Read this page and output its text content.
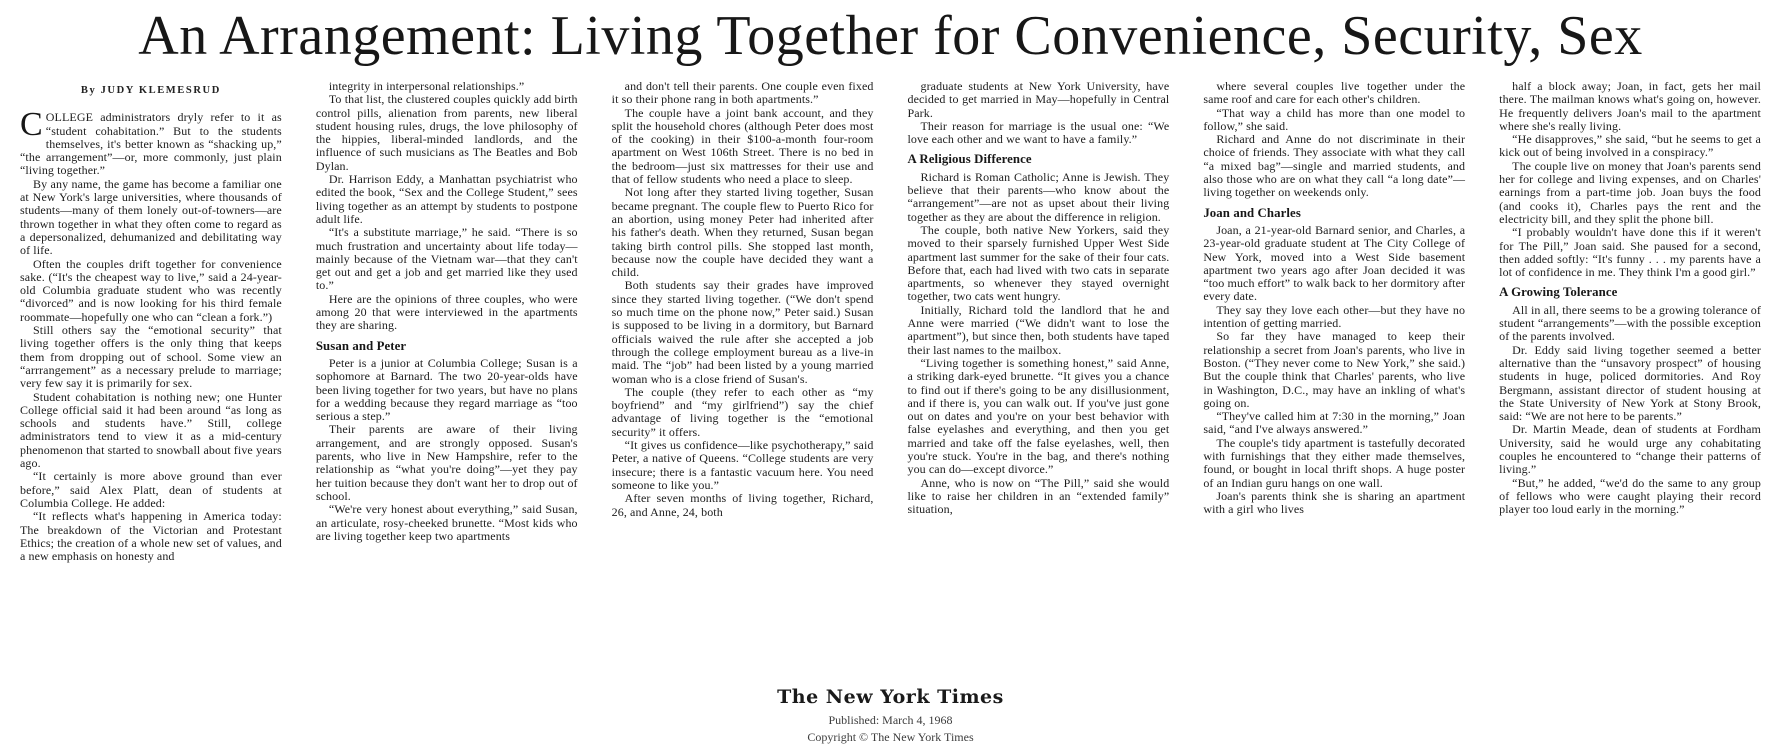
An Arrangement: Living Together for Convenience, Security, Sex
By JUDY KLEMESRUD

COLLEGE administrators dryly refer to it as “student cohabitation.” But to the students themselves, it's better known as “shacking up,” “the arrangement”—or, more commonly, just plain “living together.”

By any name, the game has become a familiar one at New York's large universities, where thousands of students—many of them lonely out-of-towners—are thrown together in what they often come to regard as a depersonalized, dehumanized and debilitating way of life.

Often the couples drift together for convenience sake. (“It's the cheapest way to live,” said a 24-year-old Columbia graduate student who was recently “divorced” and is now looking for his third female roommate—hopefully one who can “clean a fork.”)

Still others say the “emotional security” that living together offers is the only thing that keeps them from dropping out of school. Some view an “arrrangement” as a necessary prelude to marriage; very few say it is primarily for sex.

Student cohabitation is nothing new; one Hunter College official said it had been around “as long as schools and students have.” Still, college administrators tend to view it as a mid-century phenomenon that started to snowball about five years ago.

“It certainly is more above ground than ever before,” said Alex Platt, dean of students at Columbia College. He added:

“It reflects what's happening in America today: The breakdown of the Victorian and Protestant Ethics; the creation of a whole new set of values, and a new emphasis on honesty and

integrity in interpersonal relationships.”

To that list, the clustered couples quickly add birth control pills, alienation from parents, new liberal student housing rules, drugs, the love philosophy of the hippies, liberal-minded landlords, and the influence of such musicians as The Beatles and Bob Dylan.

Dr. Harrison Eddy, a Manhattan psychiatrist who edited the book, “Sex and the College Student,” sees living together as an attempt by students to postpone adult life.

“It's a substitute marriage,” he said. “There is so much frustration and uncertainty about life today—mainly because of the Vietnam war—that they can't get out and get a job and get married like they used to.”

Here are the opinions of three couples, who were among 20 that were interviewed in the apartments they are sharing.

Susan and Peter

Peter is a junior at Columbia College; Susan is a sophomore at Barnard. The two 20-year-olds have been living together for two years, but have no plans for a wedding because they regard marriage as “too serious a step.”

Their parents are aware of their living arrangement, and are strongly opposed. Susan's parents, who live in New Hampshire, refer to the relationship as “what you're doing”—yet they pay her tuition because they don't want her to drop out of school.

“We're very honest about everything,” said Susan, an articulate, rosy-cheeked brunette. “Most kids who are living together keep two apartments

and don't tell their parents. One couple even fixed it so their phone rang in both apartments.”

The couple have a joint bank account, and they split the household chores (although Peter does most of the cooking) in their $100-a-month four-room apartment on West 106th Street. There is no bed in the bedroom—just six mattresses for their use and that of fellow students who need a place to sleep.

Not long after they started living together, Susan became pregnant. The couple flew to Puerto Rico for an abortion, using money Peter had inherited after his father's death. When they returned, Susan began taking birth control pills. She stopped last month, because now the couple have decided they want a child.

Both students say their grades have improved since they started living together. (“We don't spend so much time on the phone now,” Peter said.) Susan is supposed to be living in a dormitory, but Barnard officials waived the rule after she accepted a job through the college employment bureau as a live-in maid. The “job” had been listed by a young married woman who is a close friend of Susan's.

The couple (they refer to each other as “my boyfriend” and “my girlfriend”) say the chief advantage of living together is the “emotional security” it offers.

“It gives us confidence—like psychotherapy,” said Peter, a native of Queens. “College students are very insecure; there is a fantastic vacuum here. You need someone to like you.”

After seven months of living together, Richard, 26, and Anne, 24, both

graduate students at New York University, have decided to get married in May—hopefully in Central Park.

Their reason for marriage is the usual one: “We love each other and we want to have a family.”

A Religious Difference

Richard is Roman Catholic; Anne is Jewish. They believe that their parents—who know about the “arrangement”—are not as upset about their living together as they are about the difference in religion.

The couple, both native New Yorkers, said they moved to their sparsely furnished Upper West Side apartment last summer for the sake of their four cats. Before that, each had lived with two cats in separate apartments, so whenever they stayed overnight together, two cats went hungry.

Initially, Richard told the landlord that he and Anne were married (“We didn't want to lose the apartment”), but since then, both students have taped their last names to the mailbox.

“Living together is something honest,” said Anne, a striking dark-eyed brunette. “It gives you a chance to find out if there's going to be any disillusionment, and if there is, you can walk out. If you've just gone out on dates and you're on your best behavior with false eyelashes and everything, and then you get married and take off the false eyelashes, well, then you're stuck. You're in the bag, and there's nothing you can do—except divorce.”

Anne, who is now on “The Pill,” said she would like to raise her children in an “extended family” situation,

where several couples live together under the same roof and care for each other's children.

“That way a child has more than one model to follow,” she said.

Richard and Anne do not discriminate in their choice of friends. They associate with what they call “a mixed bag”—single and married students, and also those who are on what they call “a long date”—living together on weekends only.

Joan and Charles

Joan, a 21-year-old Barnard senior, and Charles, a 23-year-old graduate student at The City College of New York, moved into a West Side basement apartment two years ago after Joan decided it was “too much effort” to walk back to her dormitory after every date.

They say they love each other—but they have no intention of getting married.

So far they have managed to keep their relationship a secret from Joan's parents, who live in Boston. (“They never come to New York,” she said.) But the couple think that Charles' parents, who live in Washington, D.C., may have an inkling of what's going on.

“They've called him at 7:30 in the morning,” Joan said, “and I've always answered.”

The couple's tidy apartment is tastefully decorated with furnishings that they either made themselves, found, or bought in local thrift shops. A huge poster of an Indian guru hangs on one wall.

Joan's parents think she is sharing an apartment with a girl who lives

half a block away; Joan, in fact, gets her mail there. The mailman knows what's going on, however. He frequently delivers Joan's mail to the apartment where she's really living.

“He disapproves,” she said, “but he seems to get a kick out of being involved in a conspiracy.”

The couple live on money that Joan's parents send her for college and living expenses, and on Charles' earnings from a part-time job. Joan buys the food (and cooks it), Charles pays the rent and the electricity bill, and they split the phone bill.

“I probably wouldn't have done this if it weren't for The Pill,” Joan said. She paused for a second, then added softly: “It's funny . . . my parents have a lot of confidence in me. They think I'm a good girl.”

A Growing Tolerance

All in all, there seems to be a growing tolerance of student “arrangements”—with the possible exception of the parents involved.

Dr. Eddy said living together seemed a better alternative than the “unsavory prospect” of housing students in huge, policed dormitories. And Roy Bergmann, assistant director of student housing at the State University of New York at Stony Brook, said: “We are not here to be parents.”

Dr. Martin Meade, dean of students at Fordham University, said he would urge any cohabitating couples he encountered to “change their patterns of living.”

“But,” he added, “we'd do the same to any group of fellows who were caught playing their record player too loud early in the morning.”

The New York Times
Published: March 4, 1968
Copyright © The New York Times
